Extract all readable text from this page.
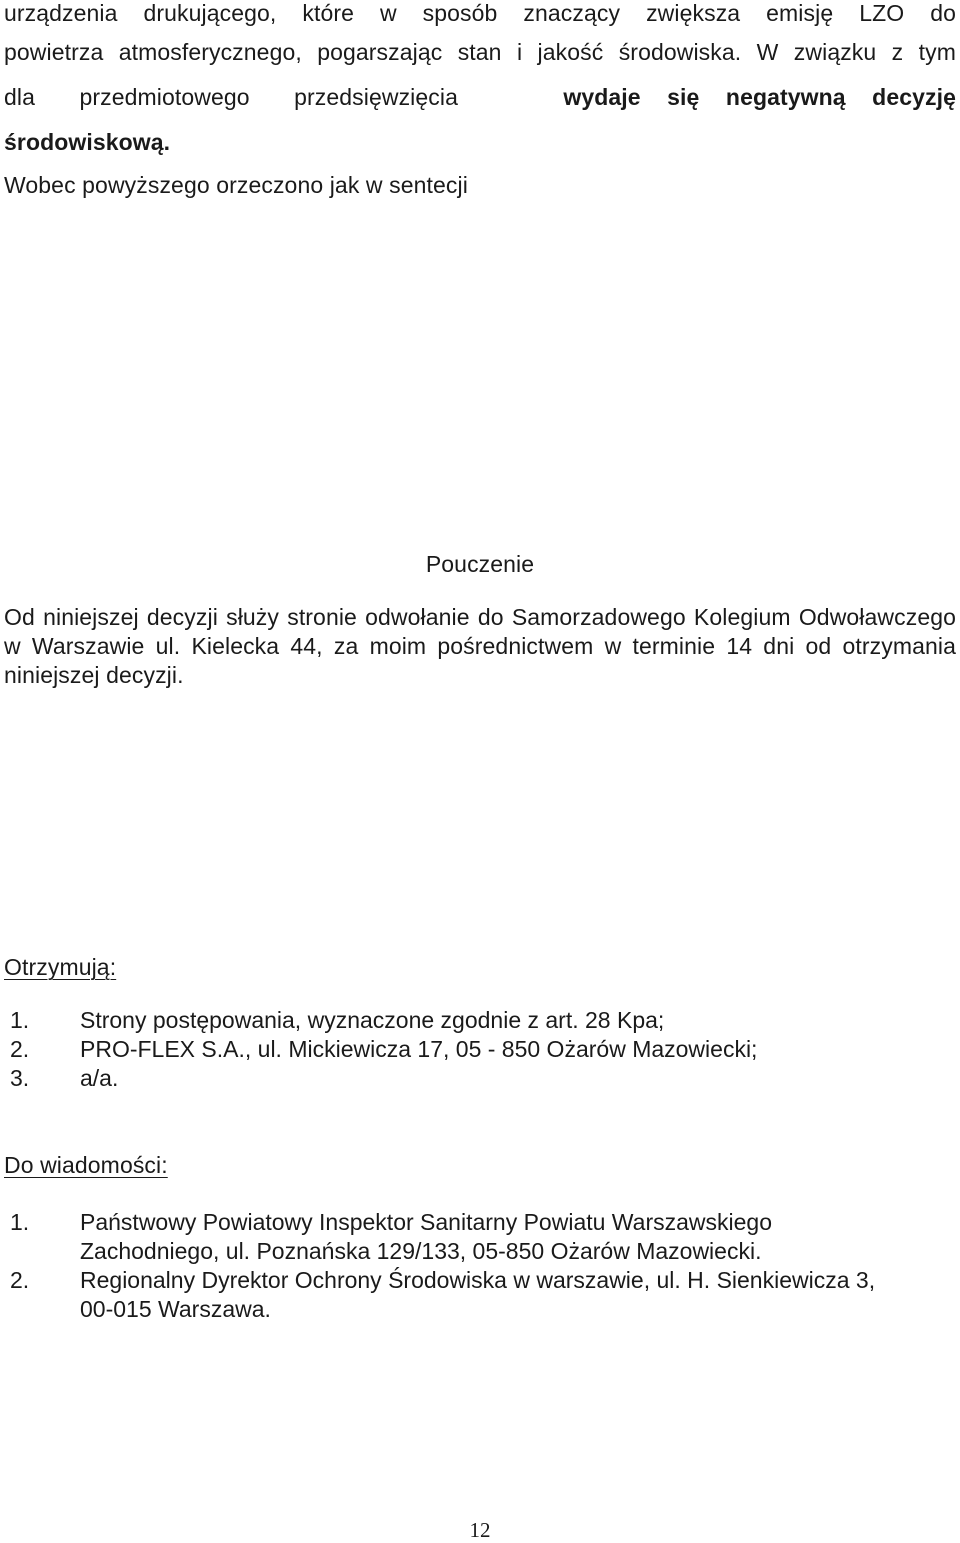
urządzenia drukującego, które w sposób znaczący zwiększa emisję LZO do

powietrza atmosferycznego, pogarszając stan i jakość środowiska. W związku z tym

dla przedmiotowego przedsięwzięcia	wydaje się negatywną decyzję

środowiskową.

Wobec powyższego orzeczono jak w sentecji

Pouczenie

Od niniejszej decyzji służy stronie odwołanie do Samorzadowego Kolegium Odwoławczego

w Warszawie ul. Kielecka 44, za moim pośrednictwem w terminie 14 dni od otrzymania

niniejszej decyzji.

Otrzymują:

1. Strony postępowania, wyznaczone zgodnie z art. 28 Kpa;
2. PRO-FLEX S.A., ul. Mickiewicza 17, 05 - 850 Ożarów Mazowiecki;
3. a/a.

Do wiadomości:

1. Państwowy Powiatowy Inspektor Sanitarny Powiatu Warszawskiego
Zachodniego, ul. Poznańska 129/133, 05-850 Ożarów Mazowiecki.
2. Regionalny Dyrektor Ochrony Środowiska w warszawie, ul. H. Sienkiewicza 3,
00-015 Warszawa.
12
